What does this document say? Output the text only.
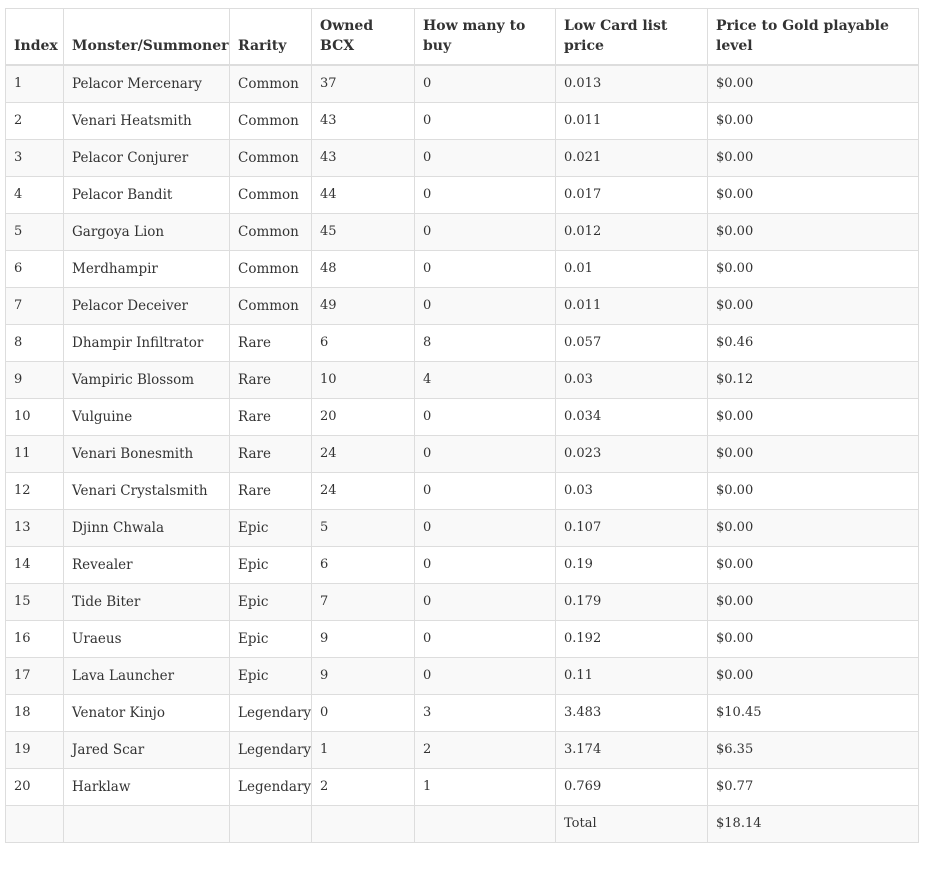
Index	Monster/Summoner	Rarity	Owned BCX	How many to buy	Low Card list price	Price to Gold playable level
1	Pelacor Mercenary	Common	37	0	0.013	$0.00
2	Venari Heatsmith	Common	43	0	0.011	$0.00
3	Pelacor Conjurer	Common	43	0	0.021	$0.00
4	Pelacor Bandit	Common	44	0	0.017	$0.00
5	Gargoya Lion	Common	45	0	0.012	$0.00
6	Merdhampir	Common	48	0	0.01	$0.00
7	Pelacor Deceiver	Common	49	0	0.011	$0.00
8	Dhampir Infiltrator	Rare	6	8	0.057	$0.46
9	Vampiric Blossom	Rare	10	4	0.03	$0.12
10	Vulguine	Rare	20	0	0.034	$0.00
11	Venari Bonesmith	Rare	24	0	0.023	$0.00
12	Venari Crystalsmith	Rare	24	0	0.03	$0.00
13	Djinn Chwala	Epic	5	0	0.107	$0.00
14	Revealer	Epic	6	0	0.19	$0.00
15	Tide Biter	Epic	7	0	0.179	$0.00
16	Uraeus	Epic	9	0	0.192	$0.00
17	Lava Launcher	Epic	9	0	0.11	$0.00
18	Venator Kinjo	Legendary	0	3	3.483	$10.45
19	Jared Scar	Legendary	1	2	3.174	$6.35
20	Harklaw	Legendary	2	1	0.769	$0.77
					Total	$18.14
